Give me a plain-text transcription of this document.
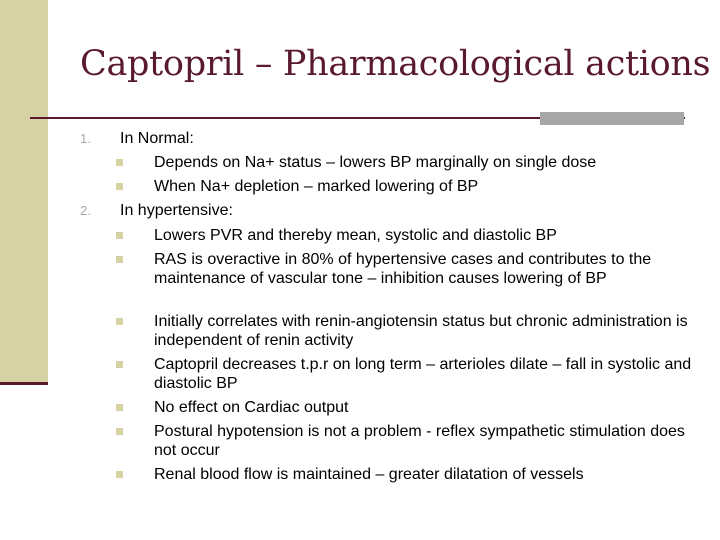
Captopril – Pharmacological actions
1. In Normal:
Depends on Na+ status – lowers BP marginally on single dose
When Na+ depletion – marked lowering of BP
2. In hypertensive:
Lowers PVR and thereby mean, systolic and diastolic BP
RAS is overactive in 80% of hypertensive cases and contributes to the maintenance of vascular tone – inhibition causes lowering of BP
Initially correlates with renin-angiotensin status but chronic administration is independent of renin activity
Captopril decreases t.p.r on long term – arterioles dilate – fall in systolic and diastolic BP
No effect on Cardiac output
Postural hypotension is not a problem - reflex sympathetic stimulation does not occur
Renal blood flow is maintained – greater dilatation of vessels
